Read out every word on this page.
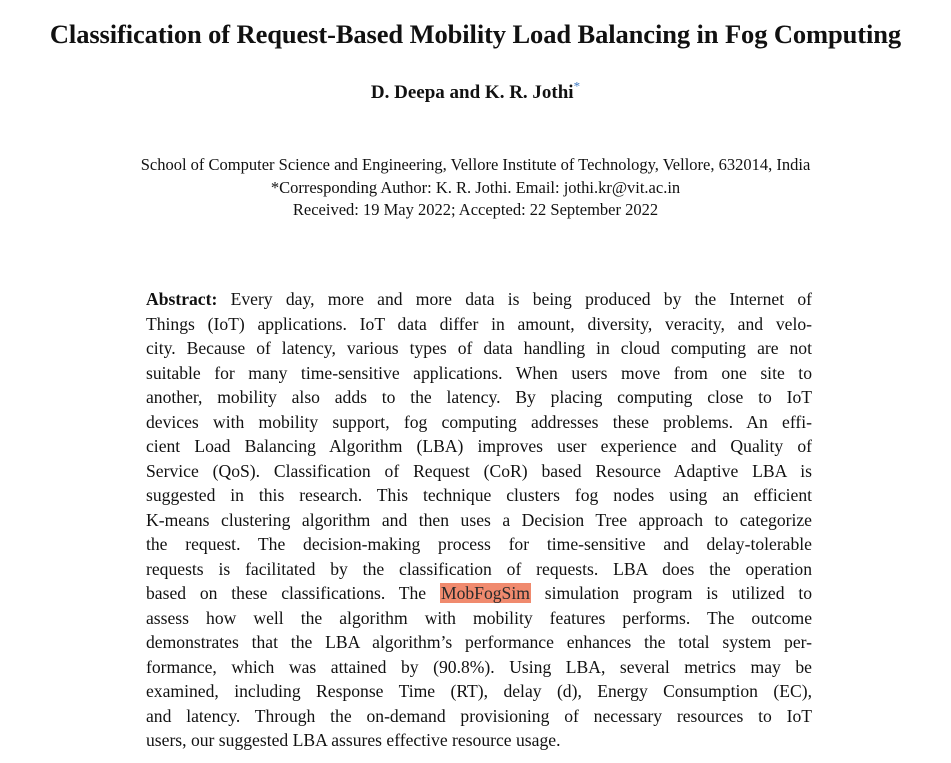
Classification of Request-Based Mobility Load Balancing in Fog Computing
D. Deepa and K. R. Jothi*
School of Computer Science and Engineering, Vellore Institute of Technology, Vellore, 632014, India
*Corresponding Author: K. R. Jothi. Email: jothi.kr@vit.ac.in
Received: 19 May 2022; Accepted: 22 September 2022
Abstract: Every day, more and more data is being produced by the Internet of
Things (IoT) applications. IoT data differ in amount, diversity, veracity, and velo-
city. Because of latency, various types of data handling in cloud computing are not
suitable for many time-sensitive applications. When users move from one site to
another, mobility also adds to the latency. By placing computing close to IoT
devices with mobility support, fog computing addresses these problems. An effi-
cient Load Balancing Algorithm (LBA) improves user experience and Quality of
Service (QoS). Classification of Request (CoR) based Resource Adaptive LBA is
suggested in this research. This technique clusters fog nodes using an efficient
K-means clustering algorithm and then uses a Decision Tree approach to categorize
the request. The decision-making process for time-sensitive and delay-tolerable
requests is facilitated by the classification of requests. LBA does the operation
based on these classifications. The MobFogSim simulation program is utilized to
assess how well the algorithm with mobility features performs. The outcome
demonstrates that the LBA algorithm’s performance enhances the total system per-
formance, which was attained by (90.8%). Using LBA, several metrics may be
examined, including Response Time (RT), delay (d), Energy Consumption (EC),
and latency. Through the on-demand provisioning of necessary resources to IoT
users, our suggested LBA assures effective resource usage.
